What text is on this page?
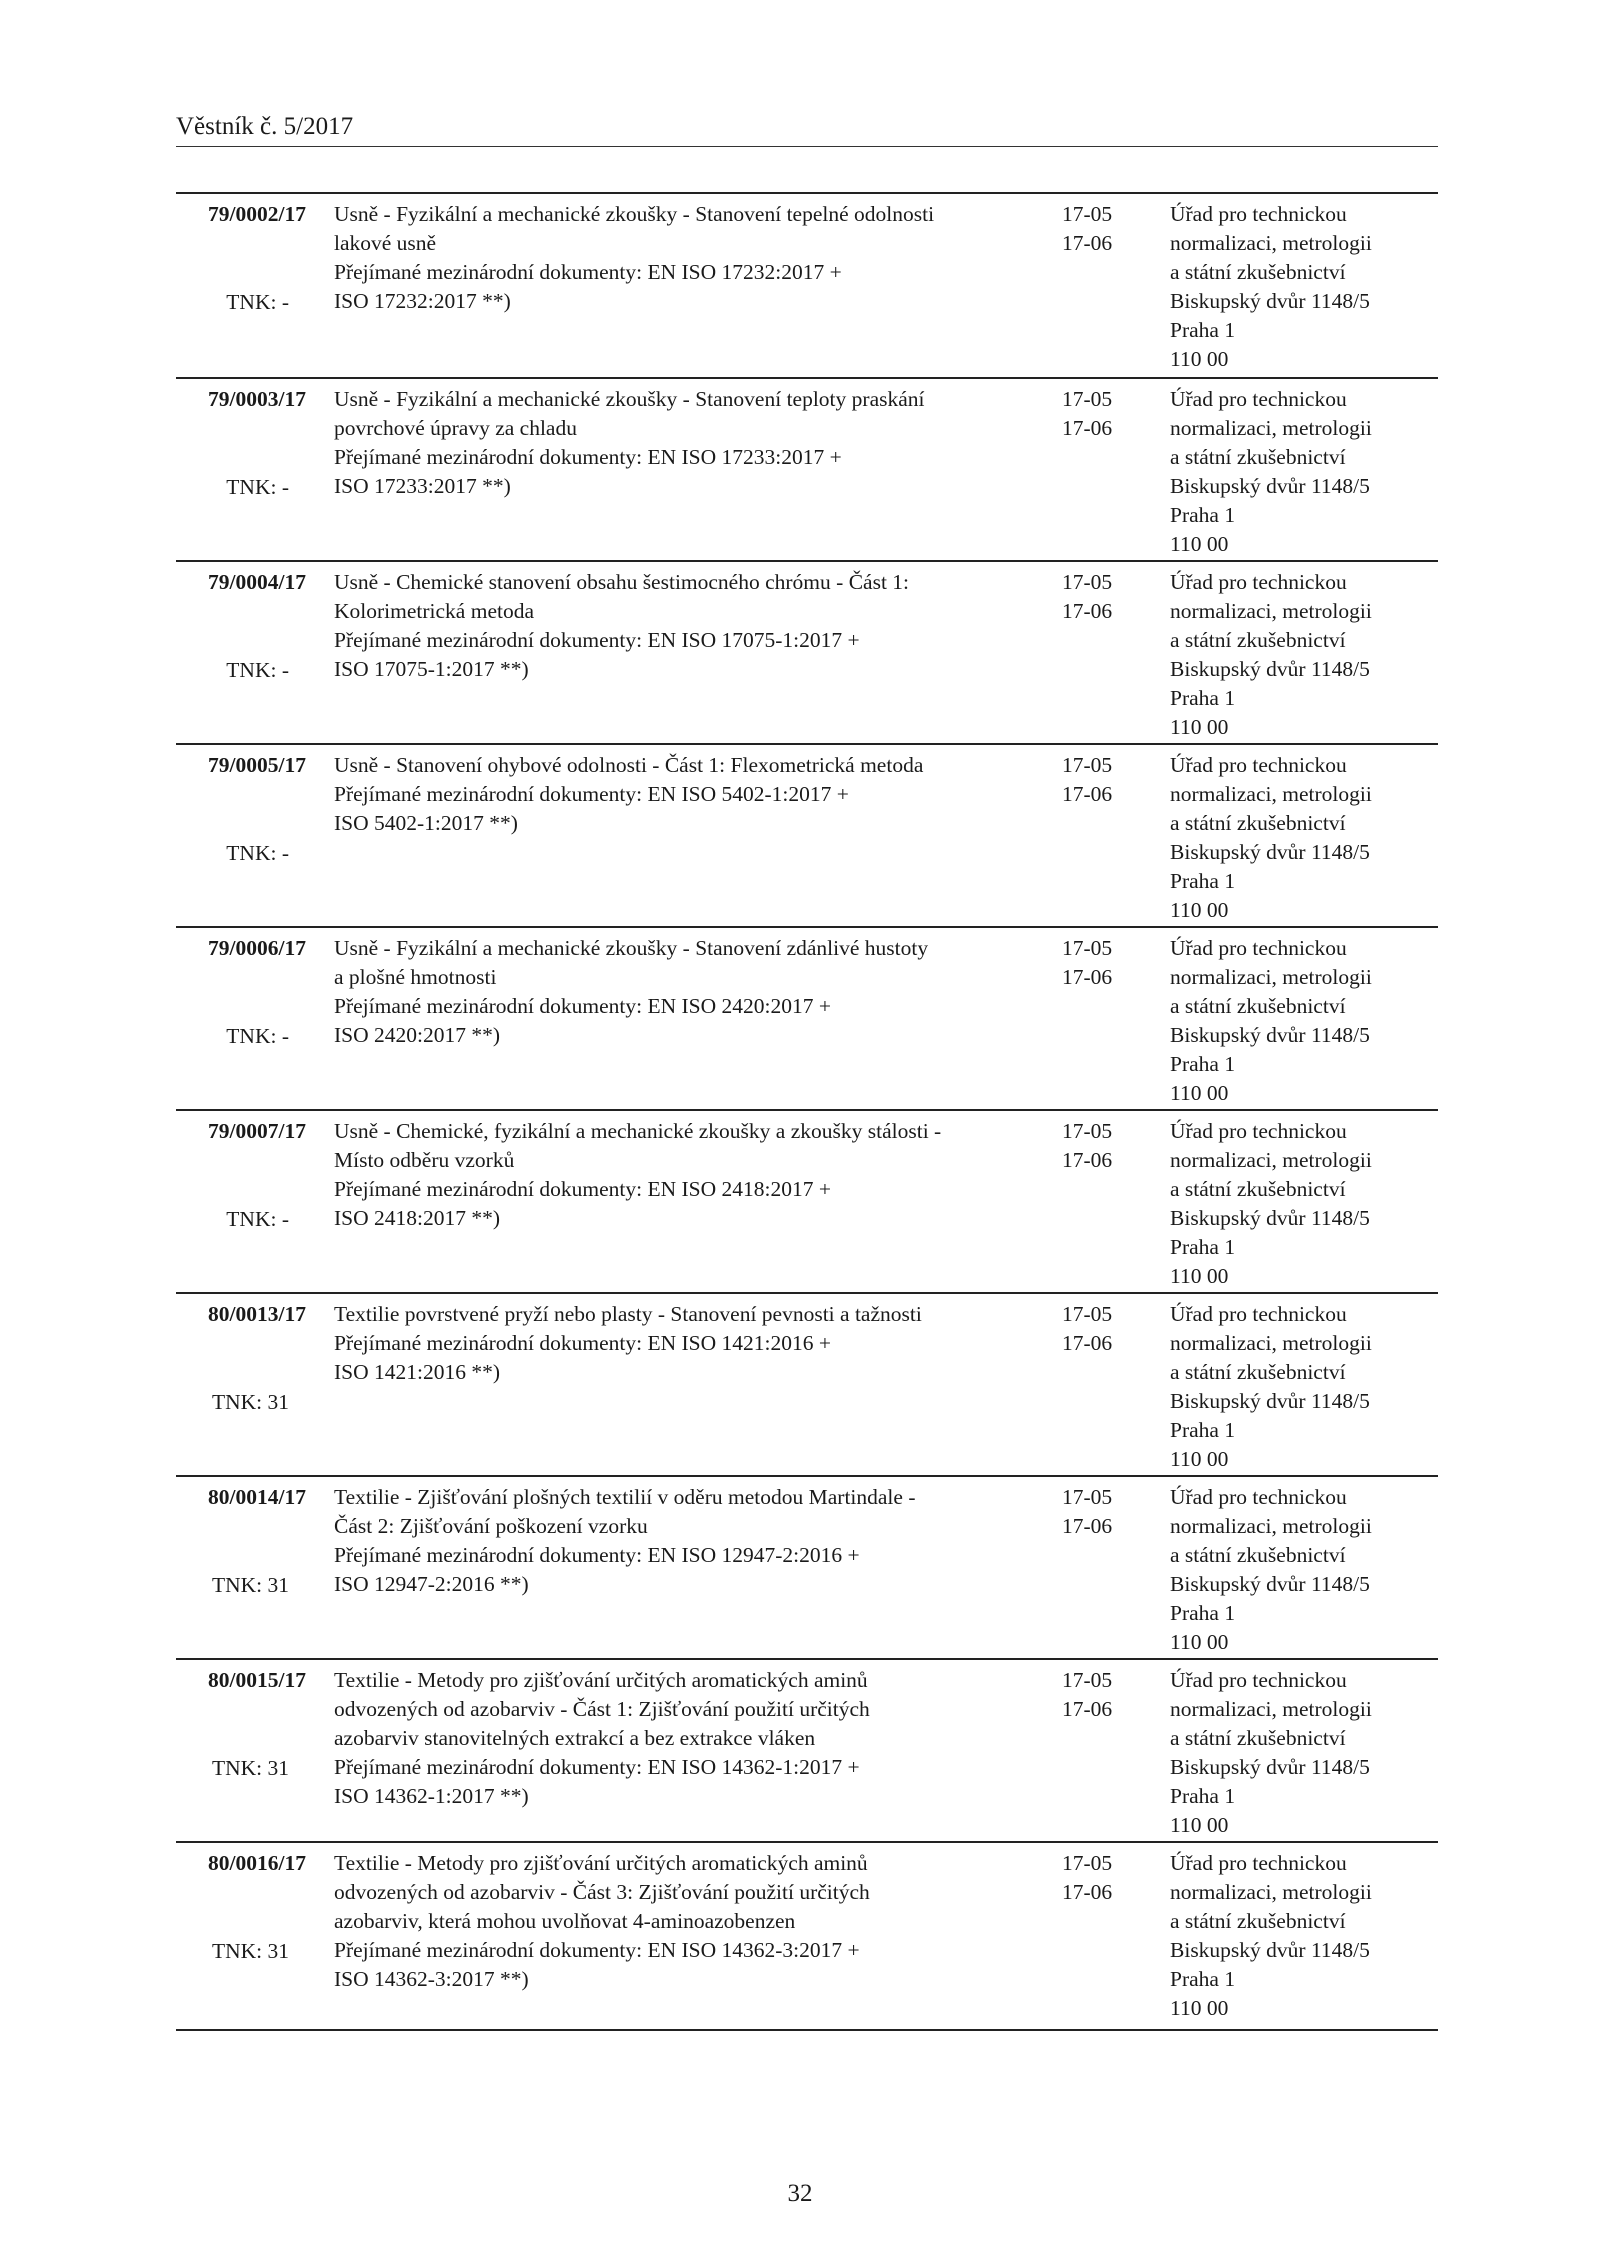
Věstník č. 5/2017
79/0002/17
TNK: -
Usně - Fyzikální a mechanické zkoušky - Stanovení tepelné odolnosti
lakové usně
Přejímané mezinárodní dokumenty: EN ISO 17232:2017 +
ISO 17232:2017 **)
17-05
17-06
Úřad pro technickou
normalizaci, metrologii
a státní zkušebnictví
Biskupský dvůr 1148/5
Praha 1
110 00
79/0003/17
TNK: -
Usně - Fyzikální a mechanické zkoušky - Stanovení teploty praskání
povrchové úpravy za chladu
Přejímané mezinárodní dokumenty: EN ISO 17233:2017 +
ISO 17233:2017 **)
17-05
17-06
Úřad pro technickou
normalizaci, metrologii
a státní zkušebnictví
Biskupský dvůr 1148/5
Praha 1
110 00
79/0004/17
TNK: -
Usně - Chemické stanovení obsahu šestimocného chrómu - Část 1:
Kolorimetrická metoda
Přejímané mezinárodní dokumenty: EN ISO 17075-1:2017 +
ISO 17075-1:2017 **)
17-05
17-06
Úřad pro technickou
normalizaci, metrologii
a státní zkušebnictví
Biskupský dvůr 1148/5
Praha 1
110 00
79/0005/17
TNK: -
Usně - Stanovení ohybové odolnosti - Část 1: Flexometrická metoda
Přejímané mezinárodní dokumenty: EN ISO 5402-1:2017 +
ISO 5402-1:2017 **)
17-05
17-06
Úřad pro technickou
normalizaci, metrologii
a státní zkušebnictví
Biskupský dvůr 1148/5
Praha 1
110 00
79/0006/17
TNK: -
Usně - Fyzikální a mechanické zkoušky - Stanovení zdánlivé hustoty
a plošné hmotnosti
Přejímané mezinárodní dokumenty: EN ISO 2420:2017 +
ISO 2420:2017 **)
17-05
17-06
Úřad pro technickou
normalizaci, metrologii
a státní zkušebnictví
Biskupský dvůr 1148/5
Praha 1
110 00
79/0007/17
TNK: -
Usně - Chemické, fyzikální a mechanické zkoušky a zkoušky stálosti -
Místo odběru vzorků
Přejímané mezinárodní dokumenty: EN ISO 2418:2017 +
ISO 2418:2017 **)
17-05
17-06
Úřad pro technickou
normalizaci, metrologii
a státní zkušebnictví
Biskupský dvůr 1148/5
Praha 1
110 00
80/0013/17
TNK: 31
Textilie povrstvené pryží nebo plasty - Stanovení pevnosti a tažnosti
Přejímané mezinárodní dokumenty: EN ISO 1421:2016 +
ISO 1421:2016 **)
17-05
17-06
Úřad pro technickou
normalizaci, metrologii
a státní zkušebnictví
Biskupský dvůr 1148/5
Praha 1
110 00
80/0014/17
TNK: 31
Textilie - Zjišťování plošných textilií v oděru metodou Martindale -
Část 2: Zjišťování poškození vzorku
Přejímané mezinárodní dokumenty: EN ISO 12947-2:2016 +
ISO 12947-2:2016 **)
17-05
17-06
Úřad pro technickou
normalizaci, metrologii
a státní zkušebnictví
Biskupský dvůr 1148/5
Praha 1
110 00
80/0015/17
TNK: 31
Textilie - Metody pro zjišťování určitých aromatických aminů
odvozených od azobarviv - Část 1: Zjišťování použití určitých
azobarviv stanovitelných extrakcí a bez extrakce vláken
Přejímané mezinárodní dokumenty: EN ISO 14362-1:2017 +
ISO 14362-1:2017 **)
17-05
17-06
Úřad pro technickou
normalizaci, metrologii
a státní zkušebnictví
Biskupský dvůr 1148/5
Praha 1
110 00
80/0016/17
TNK: 31
Textilie - Metody pro zjišťování určitých aromatických aminů
odvozených od azobarviv - Část 3: Zjišťování použití určitých
azobarviv, která mohou uvolňovat 4-aminoazobenzen
Přejímané mezinárodní dokumenty: EN ISO 14362-3:2017 +
ISO 14362-3:2017 **)
17-05
17-06
Úřad pro technickou
normalizaci, metrologii
a státní zkušebnictví
Biskupský dvůr 1148/5
Praha 1
110 00
32
